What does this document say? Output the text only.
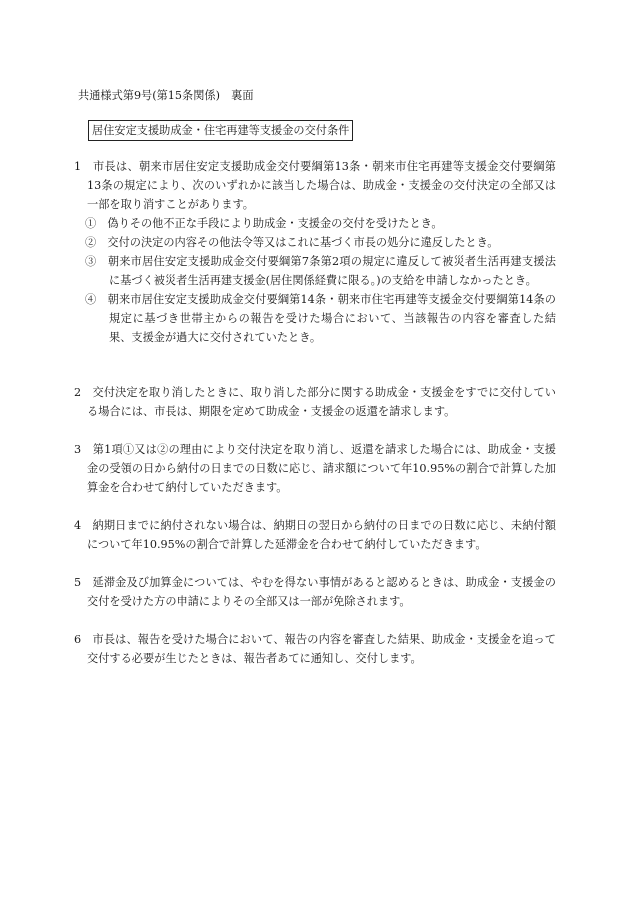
共通様式第9号(第15条関係)　裏面
居住安定支援助成金・住宅再建等支援金の交付条件

1　市長は、朝来市居住安定支援助成金交付要綱第13条・朝来市住宅再建等支援金交付要綱第13条の規定により、次のいずれかに該当した場合は、助成金・支援金の交付決定の全部又は一部を取り消すことがあります。

①　偽りその他不正な手段により助成金・支援金の交付を受けたとき。

②　交付の決定の内容その他法令等又はこれに基づく市長の処分に違反したとき。

③　朝来市居住安定支援助成金交付要綱第7条第2項の規定に違反して被災者生活再建支援法に基づく被災者生活再建支援金(居住関係経費に限る。)の支給を申請しなかったとき。

④　朝来市居住安定支援助成金交付要綱第14条・朝来市住宅再建等支援金交付要綱第14条の規定に基づき世帯主からの報告を受けた場合において、当該報告の内容を審査した結果、支援金が過大に交付されていたとき。

2　交付決定を取り消したときに、取り消した部分に関する助成金・支援金をすでに交付している場合には、市長は、期限を定めて助成金・支援金の返還を請求します。

3　第1項①又は②の理由により交付決定を取り消し、返還を請求した場合には、助成金・支援金の受領の日から納付の日までの日数に応じ、請求額について年10.95%の割合で計算した加算金を合わせて納付していただきます。

4　納期日までに納付されない場合は、納期日の翌日から納付の日までの日数に応じ、未納付額について年10.95%の割合で計算した延滞金を合わせて納付していただきます。

5　延滞金及び加算金については、やむを得ない事情があると認めるときは、助成金・支援金の交付を受けた方の申請によりその全部又は一部が免除されます。

6　市長は、報告を受けた場合において、報告の内容を審査した結果、助成金・支援金を追って交付する必要が生じたときは、報告者あてに通知し、交付します。
